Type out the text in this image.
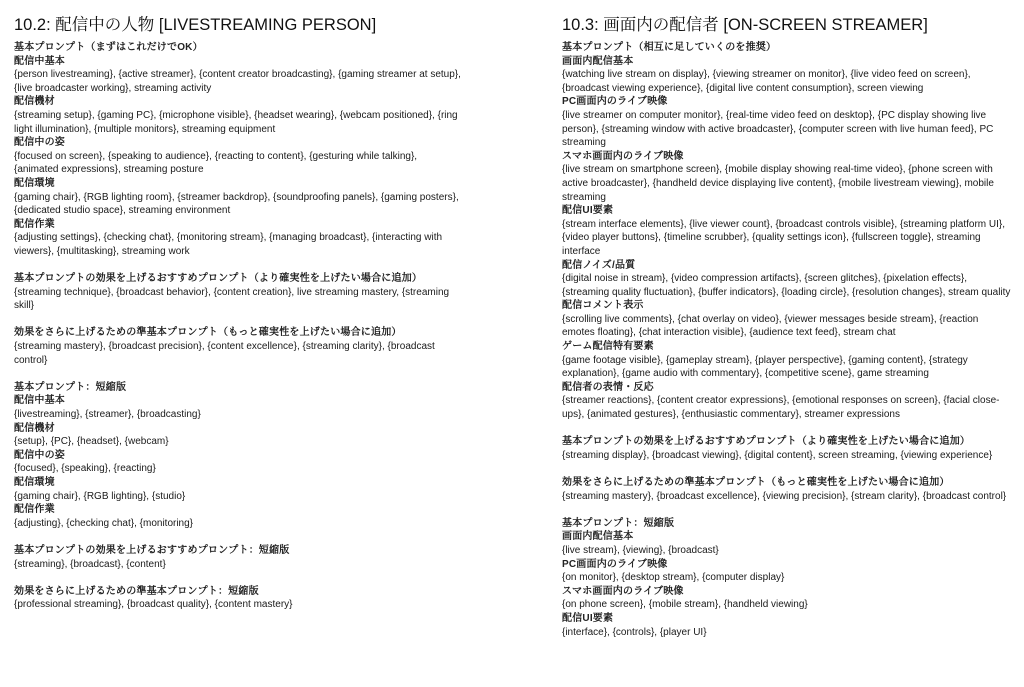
10.2: 配信中の人物 [LIVESTREAMING PERSON]
基本プロンプト（まずはこれだけでOK）
配信中基本
{person livestreaming}, {active streamer}, {content creator broadcasting}, {gaming streamer at setup}, {live broadcaster working}, streaming activity
配信機材
{streaming setup}, {gaming PC}, {microphone visible}, {headset wearing}, {webcam positioned}, {ring light illumination}, {multiple monitors}, streaming equipment
配信中の姿
{focused on screen}, {speaking to audience}, {reacting to content}, {gesturing while talking}, {animated expressions}, streaming posture
配信環境
{gaming chair}, {RGB lighting room}, {streamer backdrop}, {soundproofing panels}, {gaming posters}, {dedicated studio space}, streaming environment
配信作業
{adjusting settings}, {checking chat}, {monitoring stream}, {managing broadcast}, {interacting with viewers}, {multitasking}, streaming work
基本プロンプトの効果を上げるおすすめプロンプト（より確実性を上げたい場合に追加）
{streaming technique}, {broadcast behavior}, {content creation}, live streaming mastery, {streaming skill}
効果をさらに上げるための準基本プロンプト（もっと確実性を上げたい場合に追加）
{streaming mastery}, {broadcast precision}, {content excellence}, {streaming clarity}, {broadcast control}
基本プロンプト：短縮版
配信中基本
{livestreaming}, {streamer}, {broadcasting}
配信機材
{setup}, {PC}, {headset}, {webcam}
配信中の姿
{focused}, {speaking}, {reacting}
配信環境
{gaming chair}, {RGB lighting}, {studio}
配信作業
{adjusting}, {checking chat}, {monitoring}
基本プロンプトの効果を上げるおすすめプロンプト：短縮版
{streaming}, {broadcast}, {content}
効果をさらに上げるための準基本プロンプト：短縮版
{professional streaming}, {broadcast quality}, {content mastery}
10.3: 画面内の配信者 [ON-SCREEN STREAMER]
基本プロンプト（相互に足していくのを推奨）
画面内配信基本
{watching live stream on display}, {viewing streamer on monitor}, {live video feed on screen}, {broadcast viewing experience}, {digital live content consumption}, screen viewing
PC画面内のライブ映像
{live streamer on computer monitor}, {real-time video feed on desktop}, {PC display showing live person}, {streaming window with active broadcaster}, {computer screen with live human feed}, PC streaming
スマホ画面内のライブ映像
{live stream on smartphone screen}, {mobile display showing real-time video}, {phone screen with active broadcaster}, {handheld device displaying live content}, {mobile livestream viewing}, mobile streaming
配信UI要素
{stream interface elements}, {live viewer count}, {broadcast controls visible}, {streaming platform UI}, {video player buttons}, {timeline scrubber}, {quality settings icon}, {fullscreen toggle}, streaming interface
配信ノイズ/品質
{digital noise in stream}, {video compression artifacts}, {screen glitches}, {pixelation effects}, {streaming quality fluctuation}, {buffer indicators}, {loading circle}, {resolution changes}, stream quality
配信コメント表示
{scrolling live comments}, {chat overlay on video}, {viewer messages beside stream}, {reaction emotes floating}, {chat interaction visible}, {audience text feed}, stream chat
ゲーム配信特有要素
{game footage visible}, {gameplay stream}, {player perspective}, {gaming content}, {strategy explanation}, {game audio with commentary}, {competitive scene}, game streaming
配信者の表情・反応
{streamer reactions}, {content creator expressions}, {emotional responses on screen}, {facial close-ups}, {animated gestures}, {enthusiastic commentary}, streamer expressions
基本プロンプトの効果を上げるおすすめプロンプト（より確実性を上げたい場合に追加）
{streaming display}, {broadcast viewing}, {digital content}, screen streaming, {viewing experience}
効果をさらに上げるための準基本プロンプト（もっと確実性を上げたい場合に追加）
{streaming mastery}, {broadcast excellence}, {viewing precision}, {stream clarity}, {broadcast control}
基本プロンプト：短縮版
画面内配信基本
{live stream}, {viewing}, {broadcast}
PC画面内のライブ映像
{on monitor}, {desktop stream}, {computer display}
スマホ画面内のライブ映像
{on phone screen}, {mobile stream}, {handheld viewing}
配信UI要素
{interface}, {controls}, {player UI}
